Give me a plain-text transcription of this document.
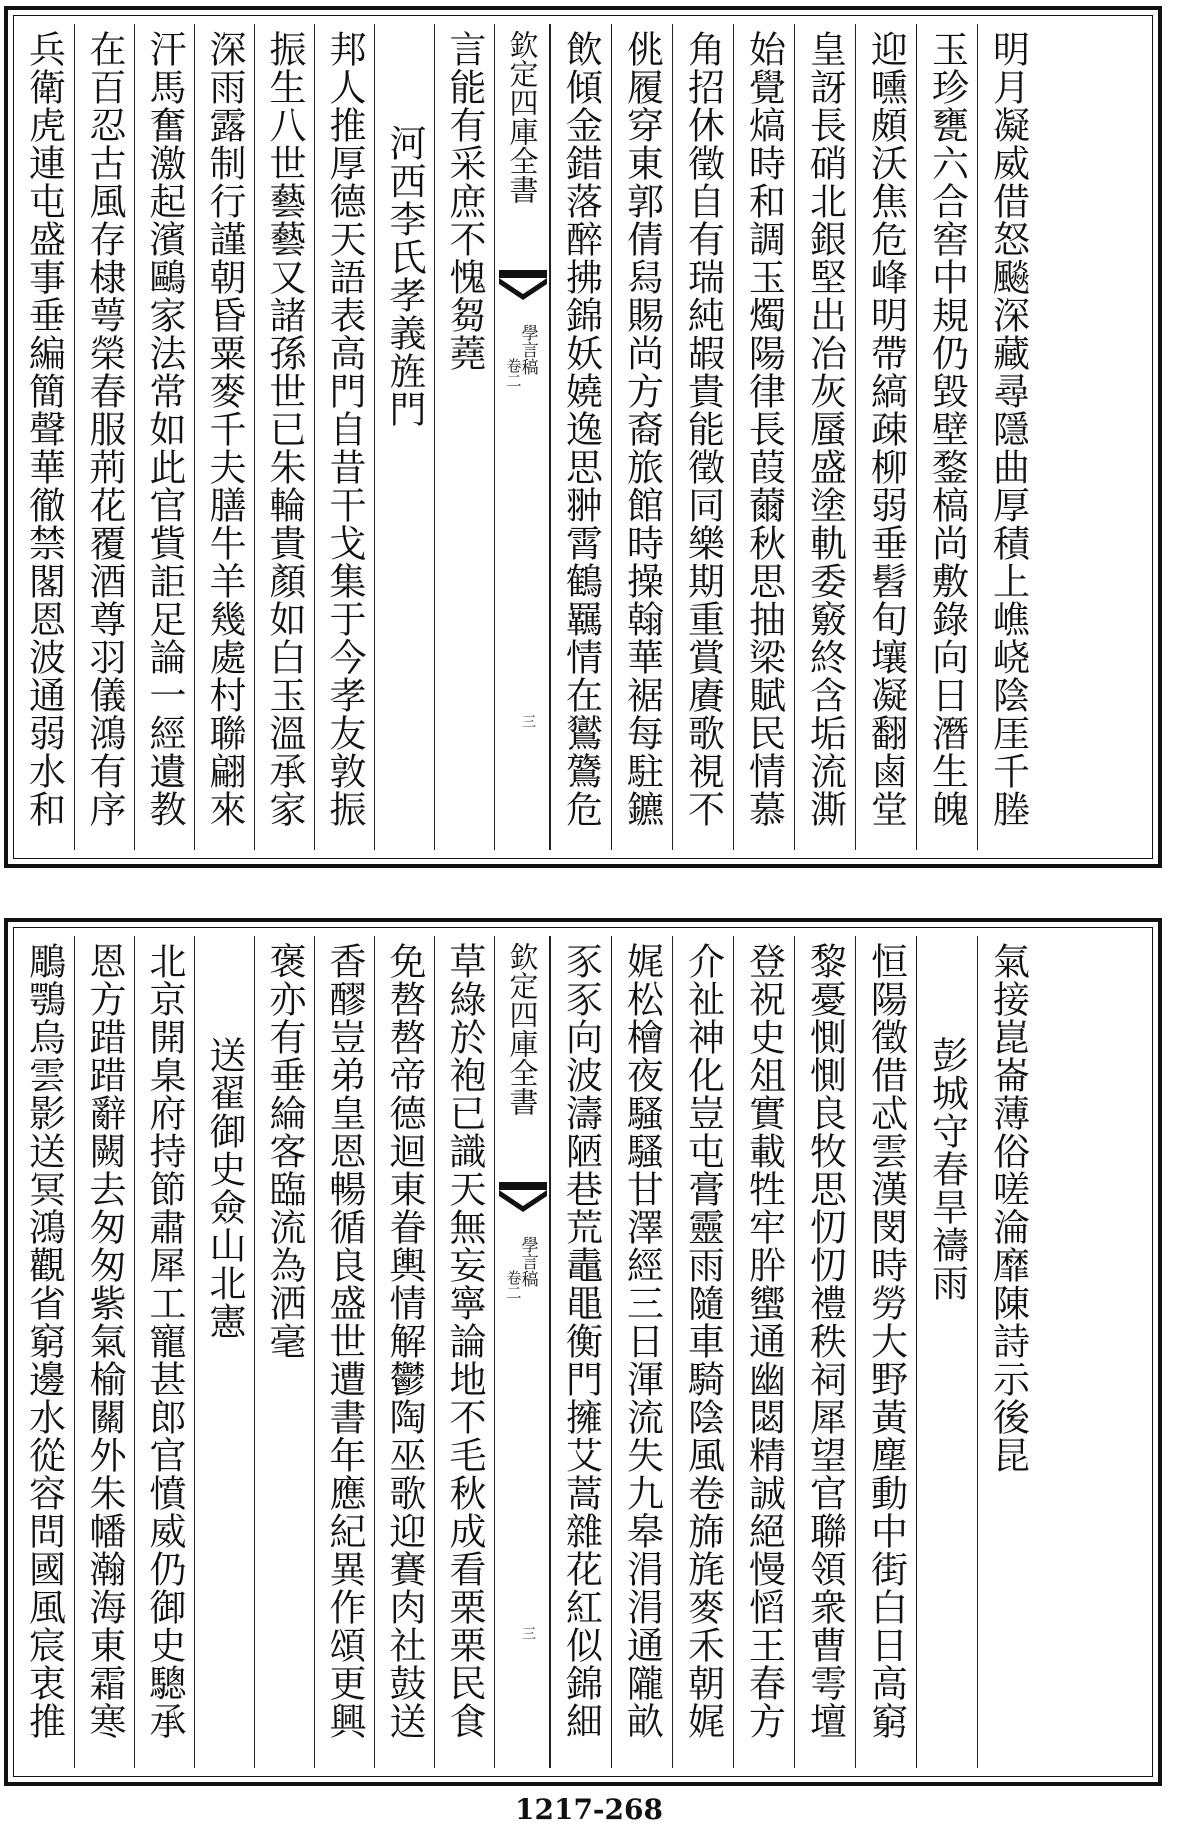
兵衛虎連屯盛事垂編簡聲華徹禁閣恩波通弱水和 在百忍古風存棣萼榮春服荊花覆酒尊羽儀鴻有序 汗馬奮激起濱鷗家法常如此官貲詎足論一經遺教 深雨露制行謹朝昏粟麥千夫膳牛羊幾處村聯翩來 振生八世藝藝又諸孫世已朱輪貴顏如白玉溫承家 邦人推厚德天語表高門自昔干戈集于今孝友敦振 河西李氏孝義旌門 言能有采庶不愧芻蕘 欽定四庫全書
學言稿
卷二
三 飲傾金錯落醉拂錦妖嬈逸思翀霄鶴羈情在鸑鷟危 佻履穿東郭倩舄賜尚方裔旅館時操翰華裾每駐鑣 角招休徵自有瑞純嘏貴能徵同樂期重賞賡歌視不 始覺熇時和調玉燭陽律長葭薾秋思抽梁賦民情慕 皇訝長硝北銀堅出冶灰蜃盛塗軌委竅終含垢流澌 迎曛頗沃焦危峰明帶縞疎柳弱垂髫旬壤凝翻鹵堂 玉珍甕六合窖中規仍毀壁鍪槁尚敷錄向日潛生魄 明月凝威借怒飈深藏尋隱曲厚積上嶕峣陰厓千塍
鵰鶚烏雲影送冥鴻觀省窮邊水從容問國風宸衷推 恩方踖踖辭闕去匆匆紫氣榆關外朱幡瀚海東霜寒 北京開臬府持節肅犀工寵甚郎官憤威仍御史驄承 送翟御史僉山北憲 褒亦有垂綸客臨流為洒毫 香醪豈弟皇恩暢循良盛世遭書年應紀異作頌更興 免嗸嗸帝德迴東眷輿情解鬱陶巫歌迎賽肉社鼓送 草綠於袍已識天無妄寧論地不毛秋成看栗栗民食 欽定四庫全書
學言稿
卷二
三 豕豕向波濤陋巷荒鼃黽衡門擁艾蒿雜花紅似錦細 娓松檜夜騷騷甘澤經三日渾流失九皋涓涓通隴畝 介祉神化豈屯膏靈雨隨車騎陰風卷旆旄麥禾朝娓 登祝史俎實載牲牢肸蠁通幽閟精誠絕慢慆王春方 黎憂惻惻良牧思忉忉禮秩祠犀望官聯領衆曹雩壇 恒陽徵借忒雲漢閔時勞大野黃塵動中街白日高窮 彭城守春旱禱雨 氣接崑崙薄俗嗟淪靡陳詩示後昆
1217-268
